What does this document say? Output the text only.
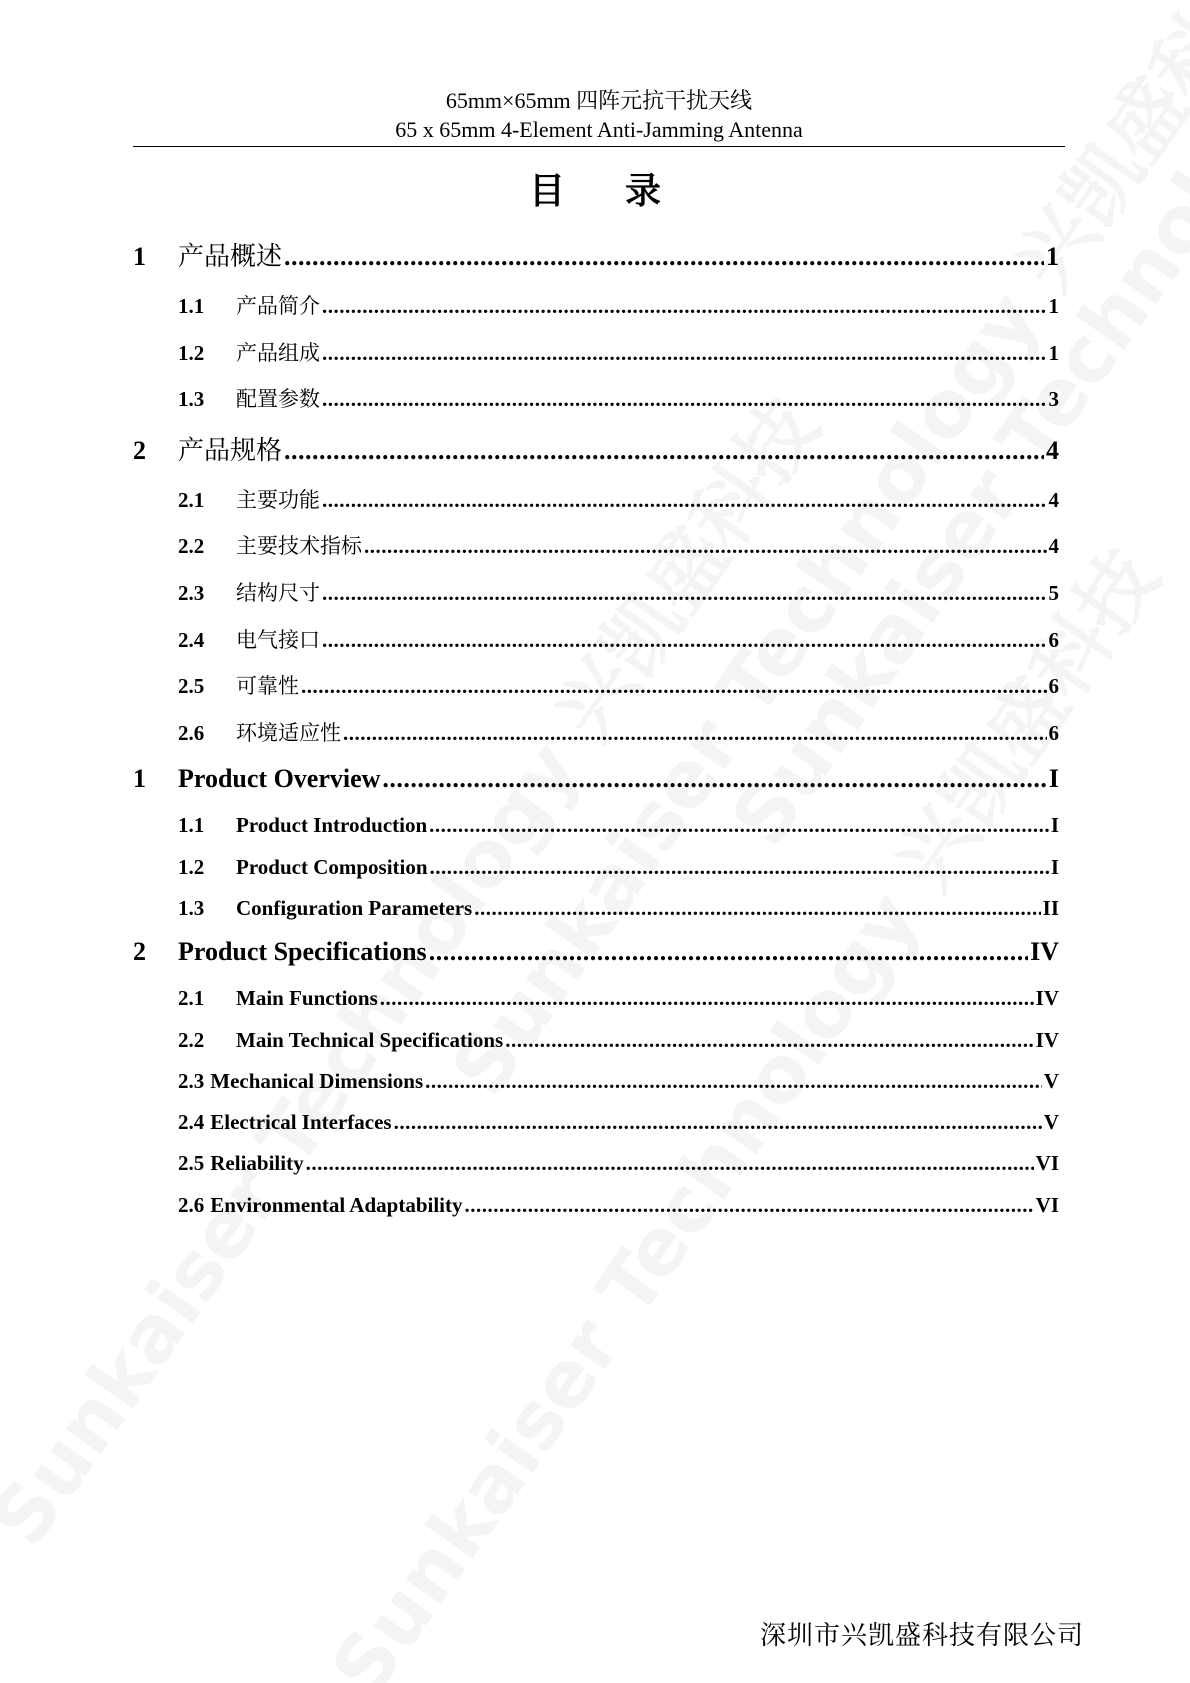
65mm×65mm 四阵元抗干扰天线
65 x 65mm 4-Element Anti-Jamming Antenna
目录
1	产品概述 .....	1
1.1	产品简介 .....	1
1.2	产品组成 .....	1
1.3	配置参数 .....	3
2	产品规格 .....	4
2.1	主要功能 .....	4
2.2	主要技术指标 .....	4
2.3	结构尺寸 .....	5
2.4	电气接口 .....	6
2.5	可靠性 .....	6
2.6	环境适应性 .....	6
1	Product Overview .....	I
1.1	Product Introduction .....	I
1.2	Product Composition .....	I
1.3	Configuration Parameters .....	II
2	Product Specifications .....	IV
2.1	Main Functions .....	IV
2.2	Main Technical Specifications .....	IV
2.3 Mechanical Dimensions .....	V
2.4 Electrical Interfaces .....	V
2.5 Reliability .....	VI
2.6 Environmental Adaptability .....	VI
深圳市兴凯盛科技有限公司
